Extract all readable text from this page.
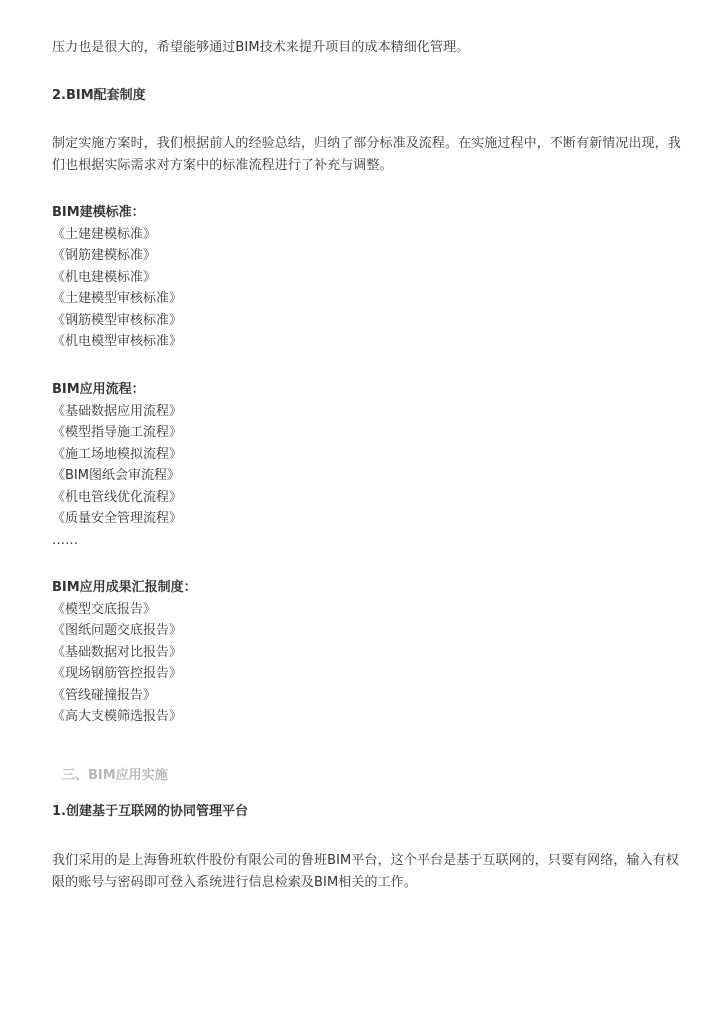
压力也是很大的，希望能够通过BIM技术来提升项目的成本精细化管理。

2.BIM配套制度

制定实施方案时，我们根据前人的经验总结，归纳了部分标准及流程。在实施过程中，不断有新情况出现，我们也根据实际需求对方案中的标准流程进行了补充与调整。

BIM建模标准：

《土建建模标准》
《钢筋建模标准》
《机电建模标准》
《土建模型审核标准》
《钢筋模型审核标准》
《机电模型审核标准》

BIM应用流程：

《基础数据应用流程》
《模型指导施工流程》
《施工场地模拟流程》
《BIM图纸会审流程》
《机电管线优化流程》
《质量安全管理流程》
……

BIM应用成果汇报制度：

《模型交底报告》
《图纸问题交底报告》
《基础数据对比报告》
《现场钢筋管控报告》
《管线碰撞报告》
《高大支模筛选报告》

三、BIM应用实施

1.创建基于互联网的协同管理平台

我们采用的是上海鲁班软件股份有限公司的鲁班BIM平台，这个平台是基于互联网的，只要有网络，输入有权限的账号与密码即可登入系统进行信息检索及BIM相关的工作。
